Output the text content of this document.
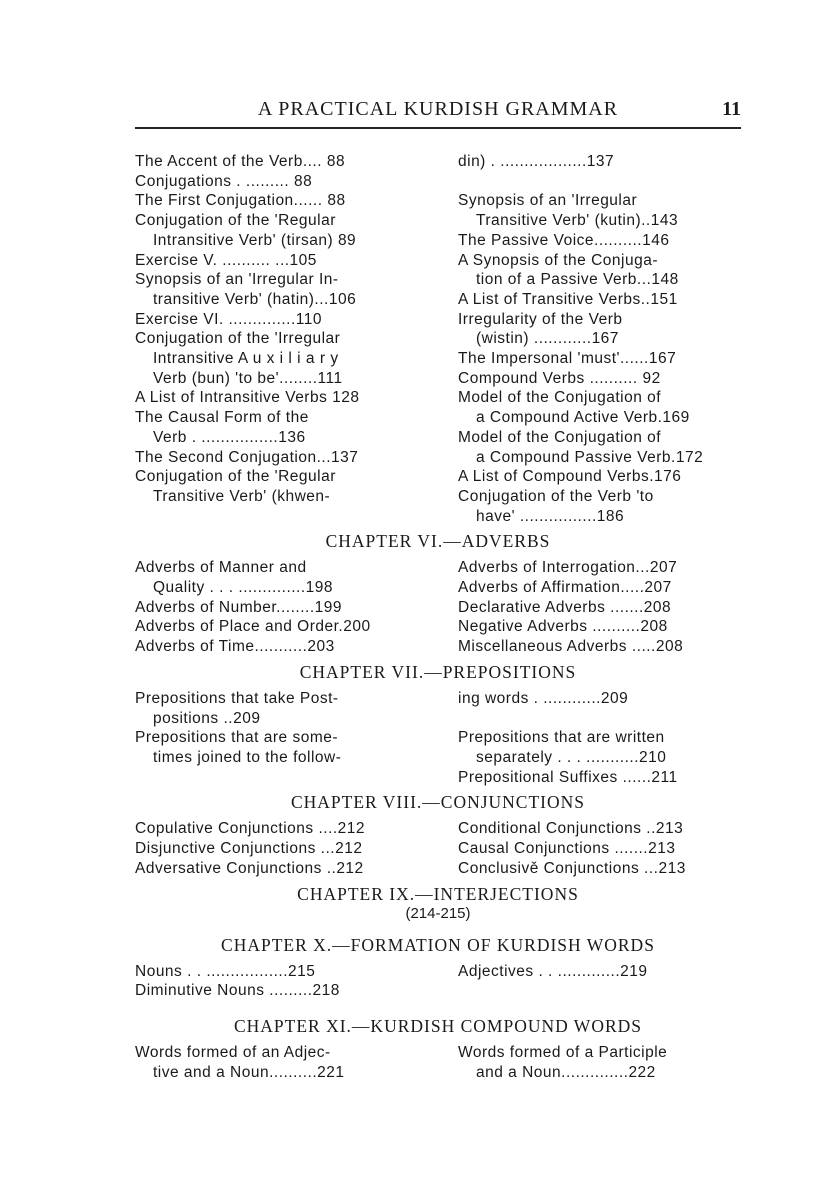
A PRACTICAL KURDISH GRAMMAR	11
The Accent of the Verb.... 88
Conjugations . ......... 88
The First Conjugation...... 88
Conjugation of the 'Regular
Intransitive Verb' (tirsan) 89
Exercise V. .......... ...105
Synopsis of an 'Irregular In-
transitive Verb' (hatin)...106
Exercise VI. ..............110
Conjugation of the 'Irregular
Intransitive A u x i l i a r y
Verb (bun) 'to be'........111
A List of Intransitive Verbs 128
The Causal Form of the
Verb . ................136
The Second Conjugation...137
Conjugation of the 'Regular
Transitive Verb' (khwen-
din) . ..................137

Synopsis of an 'Irregular
Transitive Verb' (kutin)..143
The Passive Voice..........146
A Synopsis of the Conjuga-
tion of a Passive Verb...148
A List of Transitive Verbs..151
Irregularity of the Verb
(wistin) ............167
The Impersonal 'must'......167
Compound Verbs .......... 92
Model of the Conjugation of
a Compound Active Verb.169
Model of the Conjugation of
a Compound Passive Verb.172
A List of Compound Verbs.176
Conjugation of the Verb 'to
have' ................186
CHAPTER VI.—ADVERBS
Adverbs of Manner and
Quality . . . ..............198
Adverbs of Number........199
Adverbs of Place and Order.200
Adverbs of Time...........203
Adverbs of Interrogation...207
Adverbs of Affirmation.....207
Declarative Adverbs .......208
Negative Adverbs ..........208
Miscellaneous Adverbs .....208
CHAPTER VII.—PREPOSITIONS
Prepositions that take Post-
positions ..209
Prepositions that are some-
times joined to the follow-
ing words . ............209

Prepositions that are written
separately . . . ...........210
Prepositional Suffixes ......211
CHAPTER VIII.—CONJUNCTIONS
Copulative Conjunctions ....212
Disjunctive Conjunctions ...212
Adversative Conjunctions ..212
Conditional Conjunctions ..213
Causal Conjunctions .......213
Conclusivě Conjunctions ...213
CHAPTER IX.—INTERJECTIONS
(214-215)
CHAPTER X.—FORMATION OF KURDISH WORDS
Nouns . . .................215
Diminutive Nouns .........218
Adjectives . . .............219
CHAPTER XI.—KURDISH COMPOUND WORDS
Words formed of an Adjec-
tive and a Noun..........221
Words formed of a Participle
and a Noun..............222
